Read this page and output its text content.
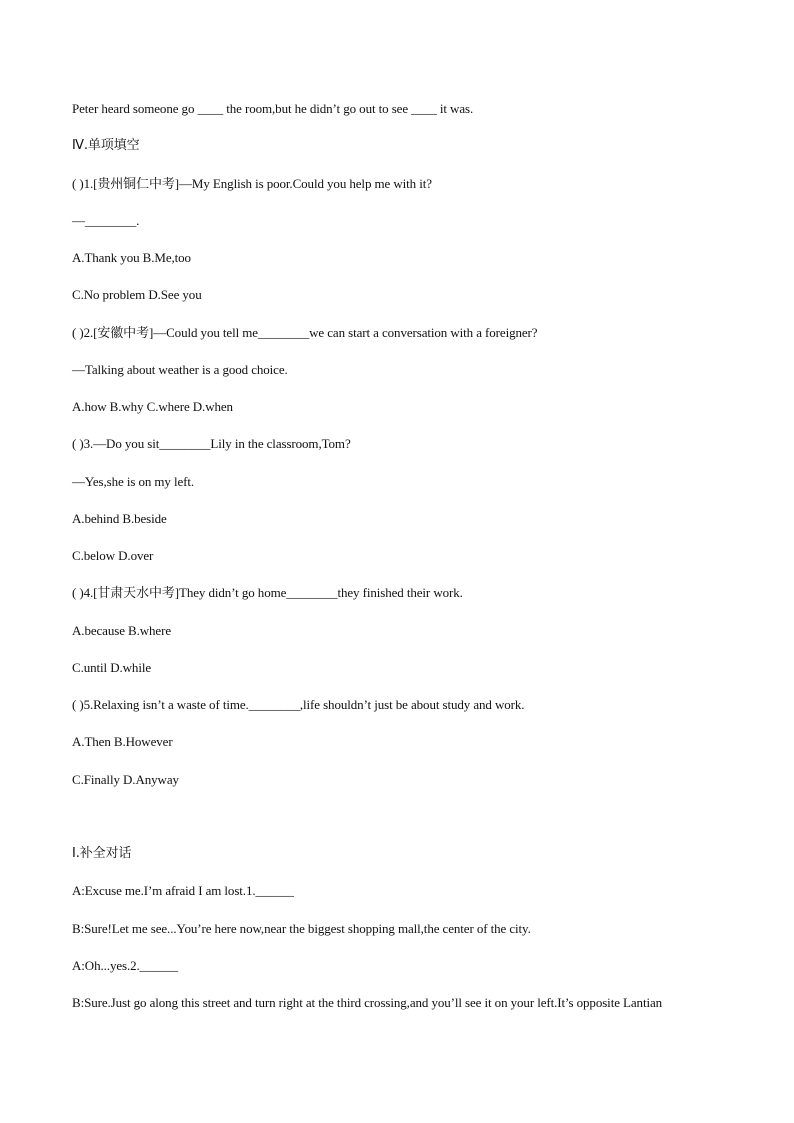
Peter heard someone go ____ the room,but he didn’t go out to see ____ it was.
Ⅳ.单项填空
( )1.[贵州铜仁中考]—My English is poor.Could you help me with it?
—________.
A.Thank you B.Me,too
C.No problem D.See you
( )2.[安徽中考]—Could you tell me________we can start a conversation with a foreigner?
—Talking about weather is a good choice.
A.how B.why C.where D.when
( )3.—Do you sit________Lily in the classroom,Tom?
—Yes,she is on my left.
A.behind B.beside
C.below D.over
( )4.[甘肃天水中考]They didn’t go home________they finished their work.
A.because B.where
C.until D.while
( )5.Relaxing isn’t a waste of time.________,life shouldn’t just be about study and work.
A.Then B.However
C.Finally D.Anyway
Ⅰ.补全对话
A:Excuse me.I’m afraid I am lost.1.______
B:Sure!Let me see...You’re here now,near the biggest shopping mall,the center of the city.
A:Oh...yes.2.______
B:Sure.Just go along this street and turn right at the third crossing,and you’ll see it on your left.It’s opposite Lantian
